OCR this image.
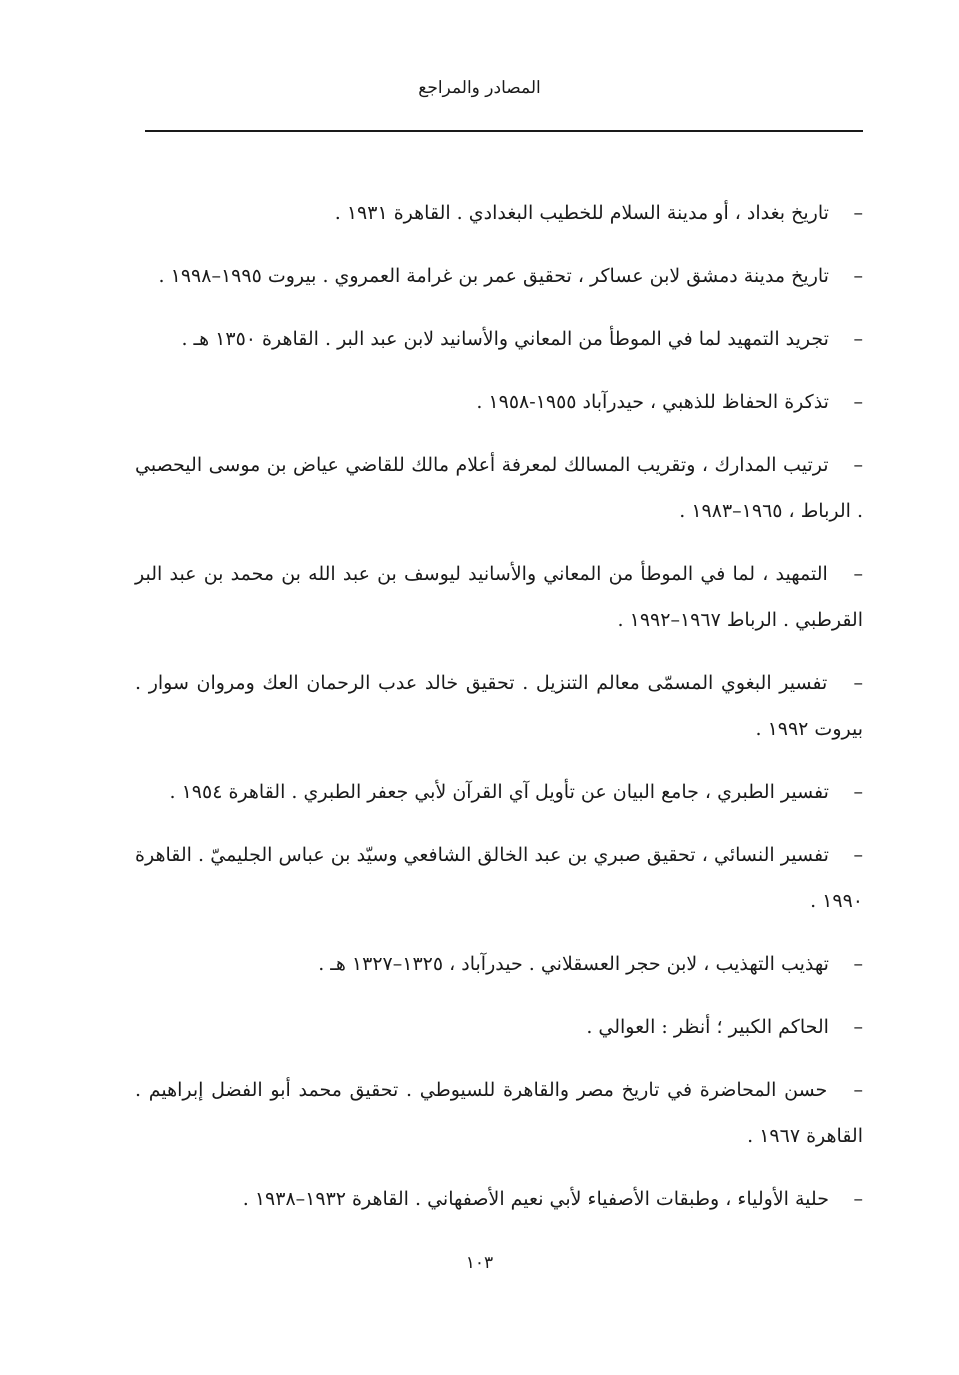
المصادر والمراجع
– تاريخ بغداد ، أو مدينة السلام للخطيب البغدادي . القاهرة ١٩٣١ .
– تاريخ مدينة دمشق لابن عساكر ، تحقيق عمر بن غرامة العمروي . بيروت ١٩٩٥–١٩٩٨ .
– تجريد التمهيد لما في الموطأ من المعاني والأسانيد لابن عبد البر . القاهرة ١٣٥٠ هـ .
– تذكرة الحفاظ للذهبي ، حيدرآباد ١٩٥٥-١٩٥٨ .
– ترتيب المدارك ، وتقريب المسالك لمعرفة أعلام مالك للقاضي عياض بن موسى اليحصبي . الرباط ، ١٩٦٥–١٩٨٣ .
– التمهيد ، لما في الموطأ من المعاني والأسانيد ليوسف بن عبد الله بن محمد بن عبد البر القرطبي . الرباط ١٩٦٧–١٩٩٢ .
– تفسير البغوي المسمّى معالم التنزيل . تحقيق خالد عدب الرحمان العك ومروان سوار . بيروت ١٩٩٢ .
– تفسير الطبري ، جامع البيان عن تأويل آي القرآن لأبي جعفر الطبري . القاهرة ١٩٥٤ .
– تفسير النسائي ، تحقيق صبري بن عبد الخالق الشافعي وسيّد بن عباس الجليميّ . القاهرة ١٩٩٠ .
– تهذيب التهذيب ، لابن حجر العسقلاني . حيدرآباد ، ١٣٢٥–١٣٢٧ هـ .
– الحاكم الكبير ؛ أنظر : العوالي .
– حسن المحاضرة في تاريخ مصر والقاهرة للسيوطي . تحقيق محمد أبو الفضل إبراهيم . القاهرة ١٩٦٧ .
– حلية الأولياء ، وطبقات الأصفياء لأبي نعيم الأصفهاني . القاهرة ١٩٣٢–١٩٣٨ .
١٠٣
